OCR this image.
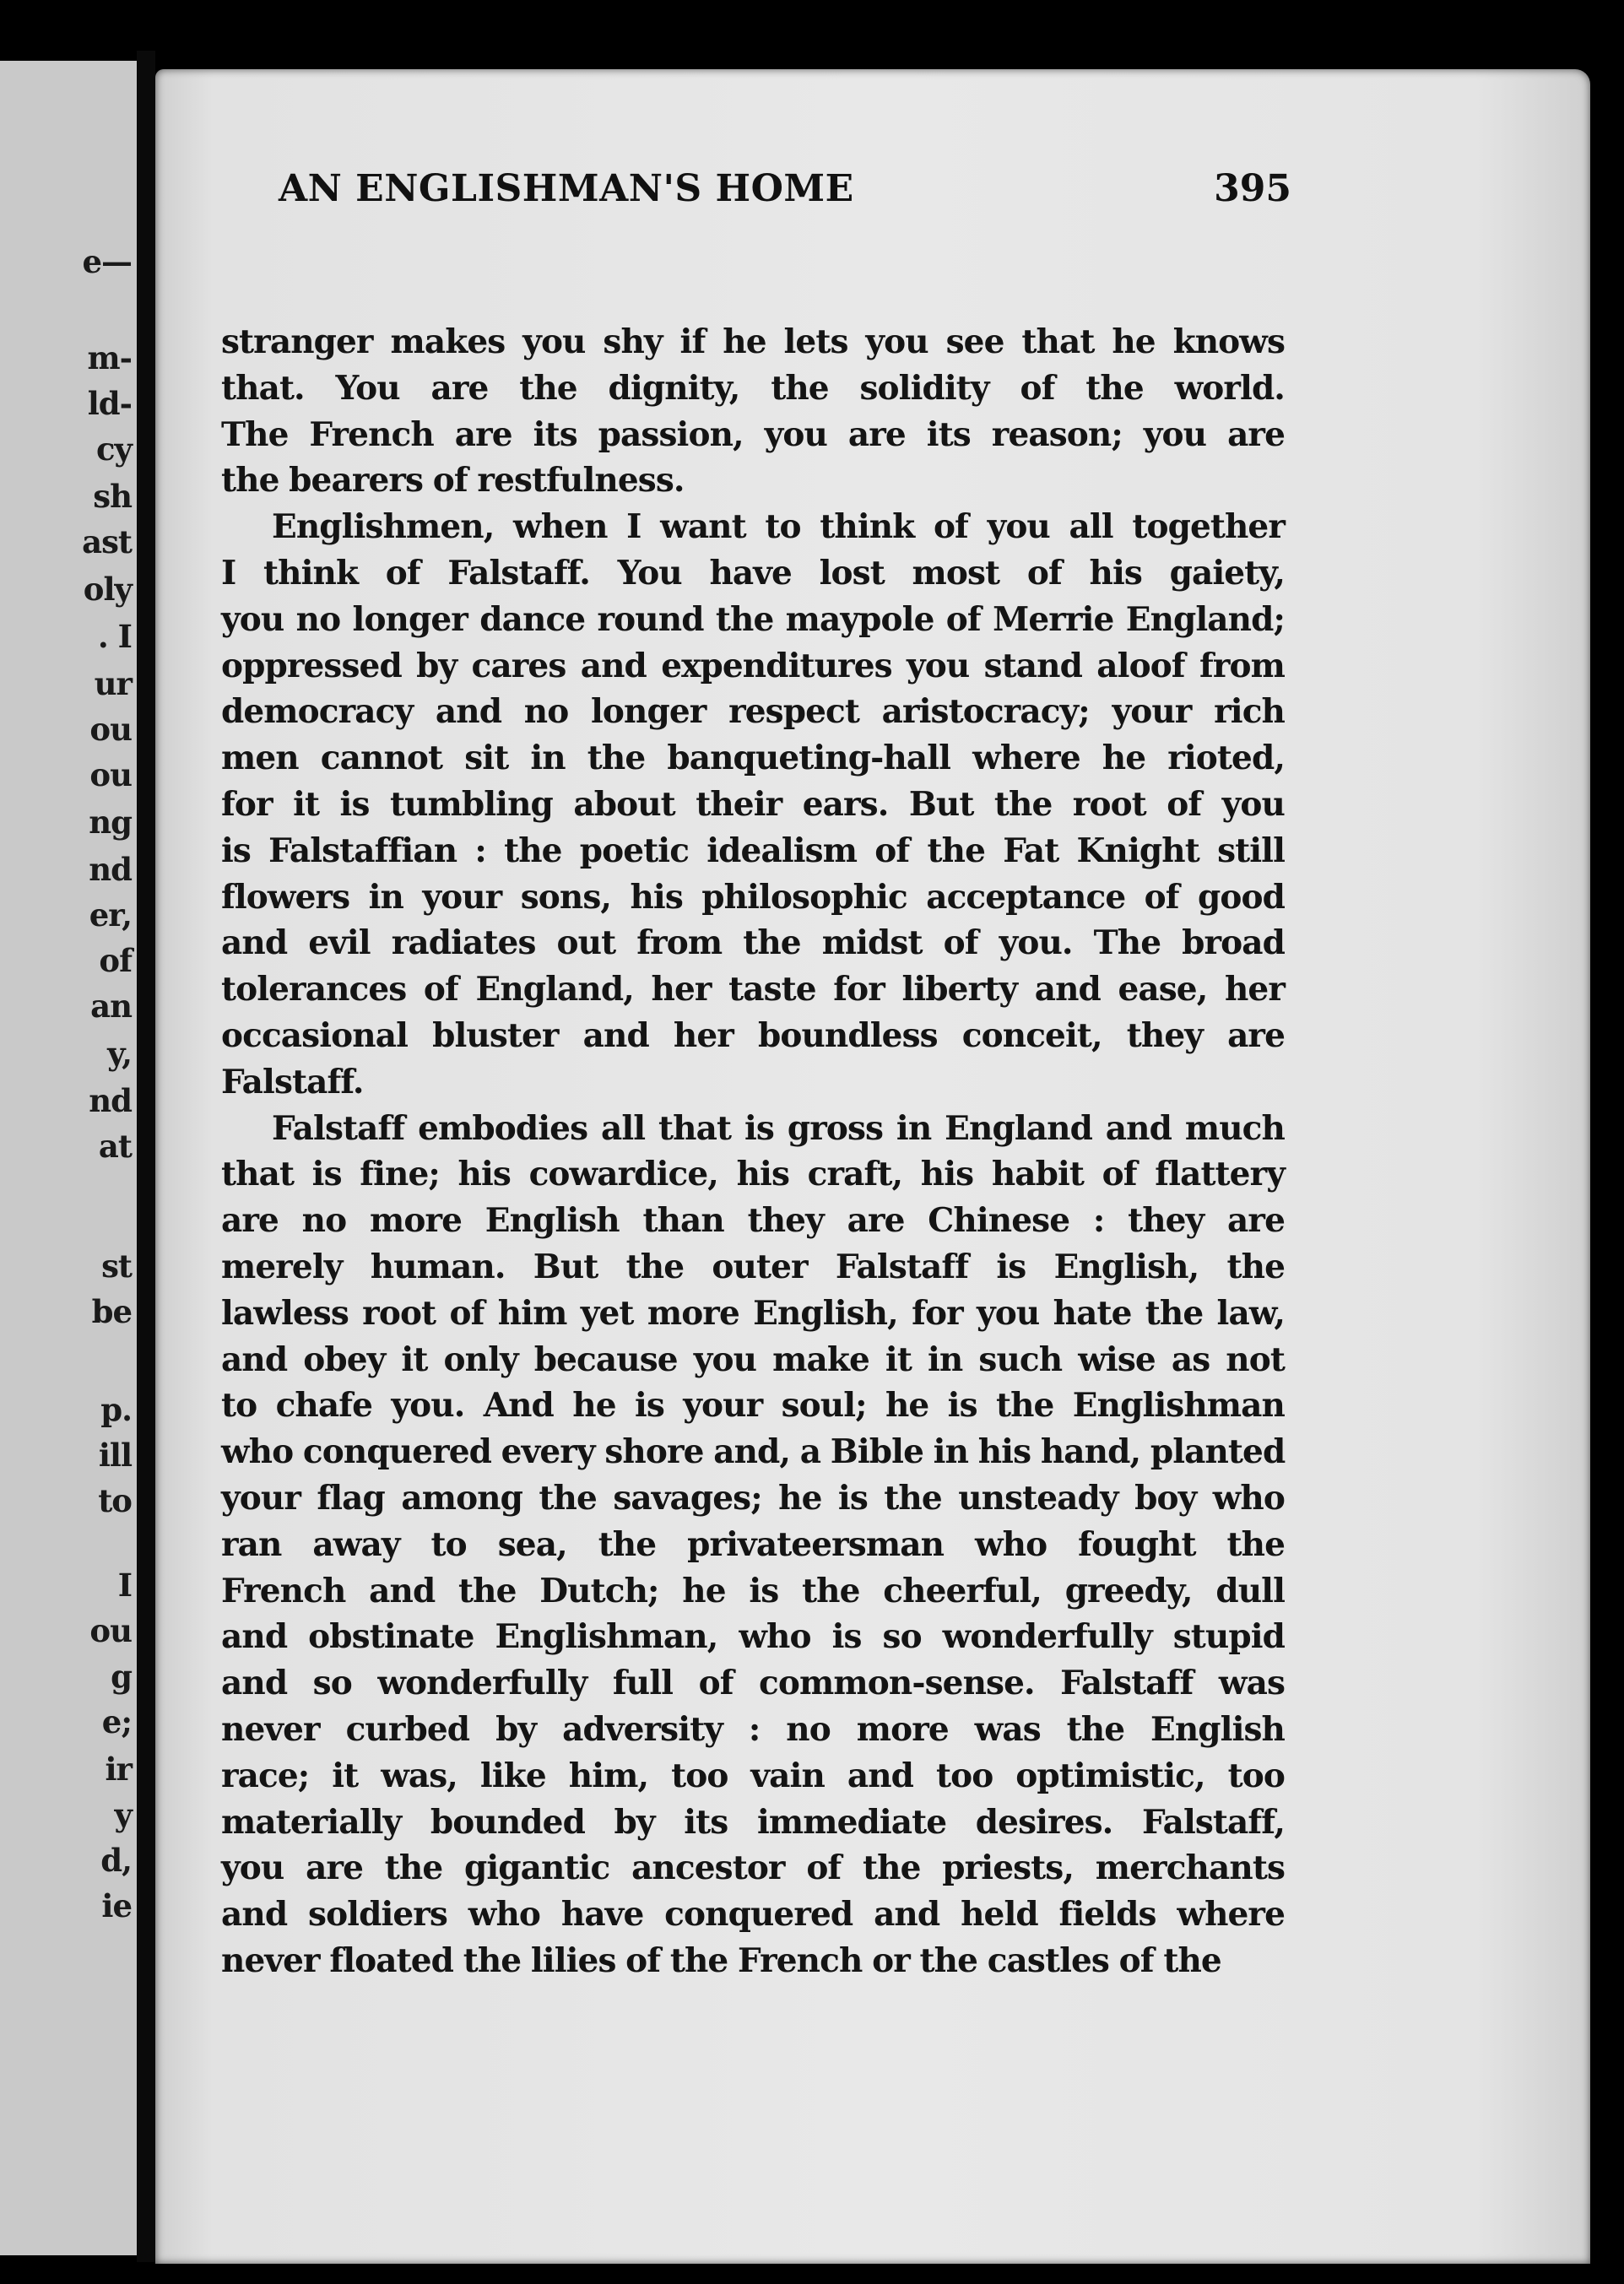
e—
m-
ld-
cy
sh
ast
oly
. I
ur
ou
ou
ng
nd
er,
of
an
y,
nd
at
st
be
p.
ill
to
I
ou
g
e;
ir
y
d,
ie
AN ENGLISHMAN'S HOME	395
stranger makes you shy if he lets you see that he knows
that. You are the dignity, the solidity of the world.
The French are its passion, you are its reason; you are
the bearers of restfulness.
Englishmen, when I want to think of you all together
I think of Falstaff. You have lost most of his gaiety,
you no longer dance round the maypole of Merrie England;
oppressed by cares and expenditures you stand aloof from
democracy and no longer respect aristocracy; your rich
men cannot sit in the banqueting-hall where he rioted,
for it is tumbling about their ears. But the root of you
is Falstaffian : the poetic idealism of the Fat Knight still
flowers in your sons, his philosophic acceptance of good
and evil radiates out from the midst of you. The broad
tolerances of England, her taste for liberty and ease, her
occasional bluster and her boundless conceit, they are
Falstaff.
Falstaff embodies all that is gross in England and much
that is fine; his cowardice, his craft, his habit of flattery
are no more English than they are Chinese : they are
merely human. But the outer Falstaff is English, the
lawless root of him yet more English, for you hate the law,
and obey it only because you make it in such wise as not
to chafe you. And he is your soul; he is the Englishman
who conquered every shore and, a Bible in his hand, planted
your flag among the savages; he is the unsteady boy who
ran away to sea, the privateersman who fought the
French and the Dutch; he is the cheerful, greedy, dull
and obstinate Englishman, who is so wonderfully stupid
and so wonderfully full of common-sense. Falstaff was
never curbed by adversity : no more was the English
race; it was, like him, too vain and too optimistic, too
materially bounded by its immediate desires. Falstaff,
you are the gigantic ancestor of the priests, merchants
and soldiers who have conquered and held fields where
never floated the lilies of the French or the castles of the
